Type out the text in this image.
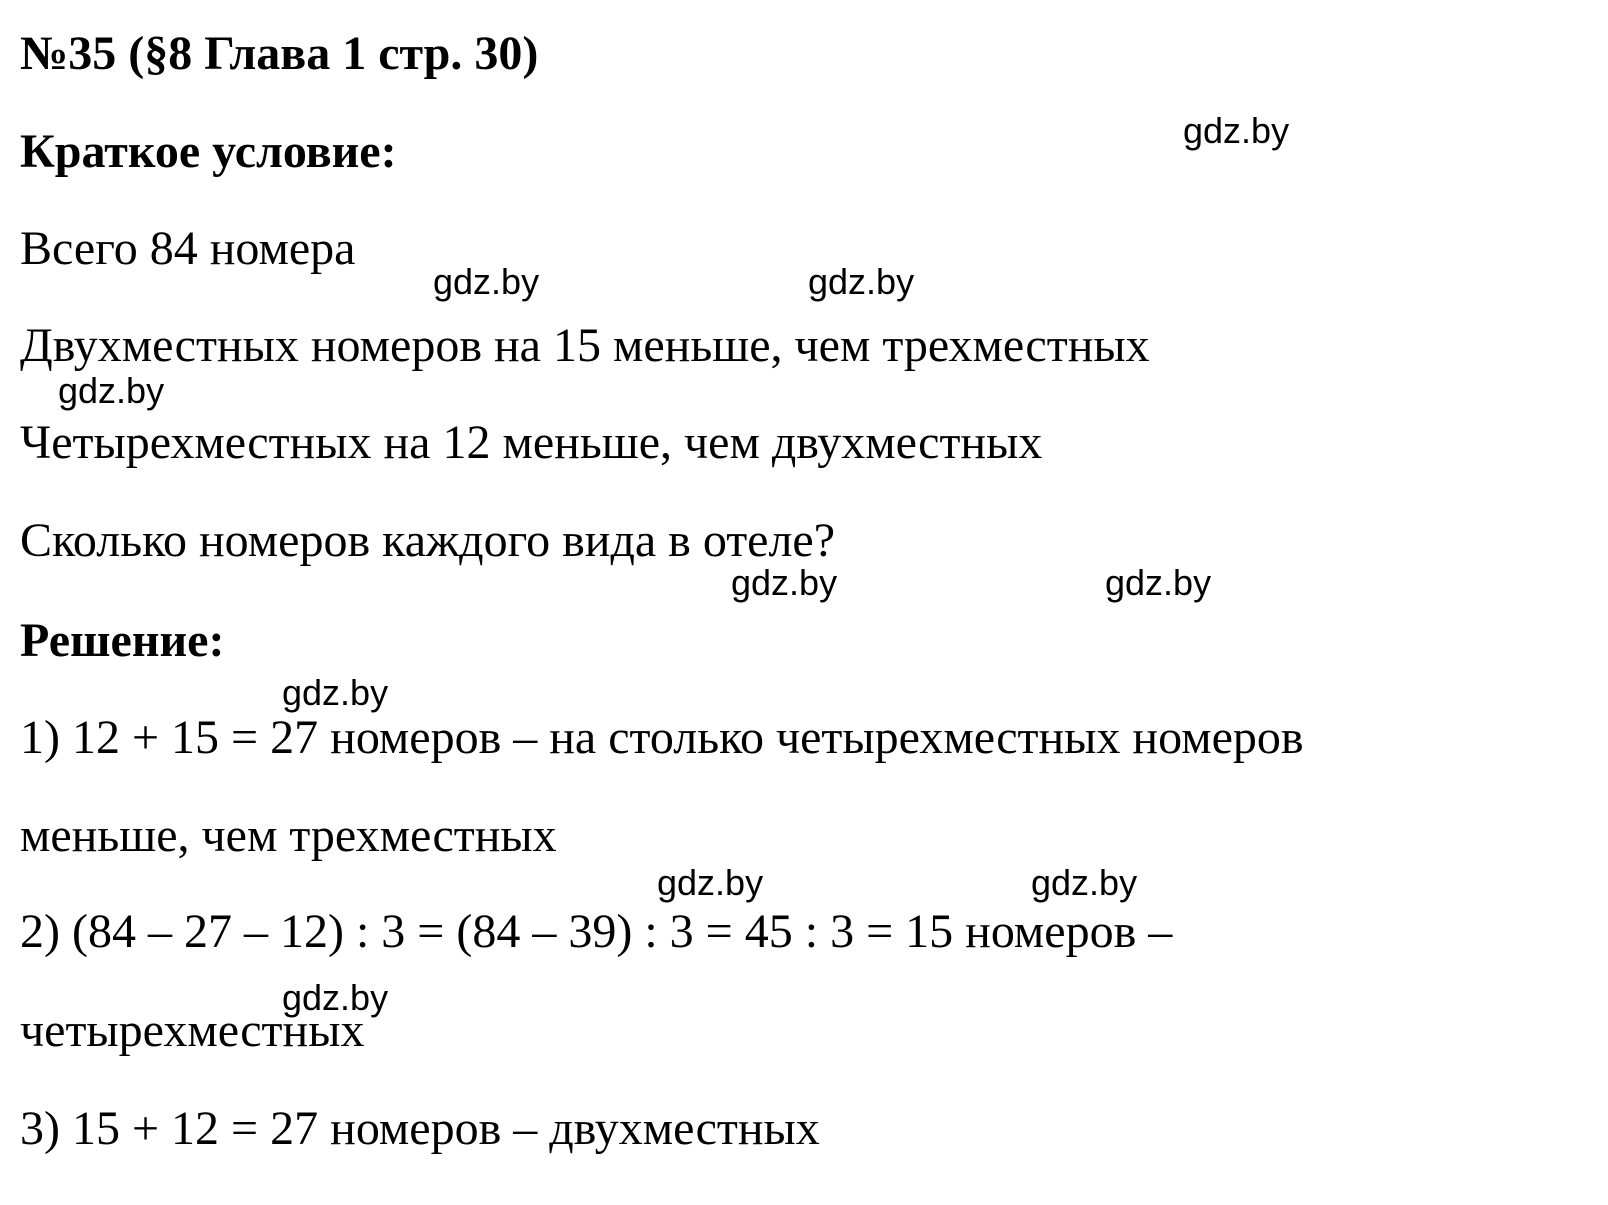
№35 (§8 Глава 1 стр. 30)
Краткое условие:
Всего 84 номера
Двухместных номеров на 15 меньше, чем трехместных
Четырехместных на 12 меньше, чем двухместных
Сколько номеров каждого вида в отеле?
Решение:
1) 12 + 15 = 27 номеров – на столько четырехместных номеров
меньше, чем трехместных
2) (84 – 27 – 12) : 3 = (84 – 39) : 3 = 45 : 3 = 15 номеров –
четырехместных
3) 15 + 12 = 27 номеров – двухместных
gdz.by
gdz.by	gdz.by
gdz.by
gdz.by	gdz.by
gdz.by
gdz.by	gdz.by
gdz.by
